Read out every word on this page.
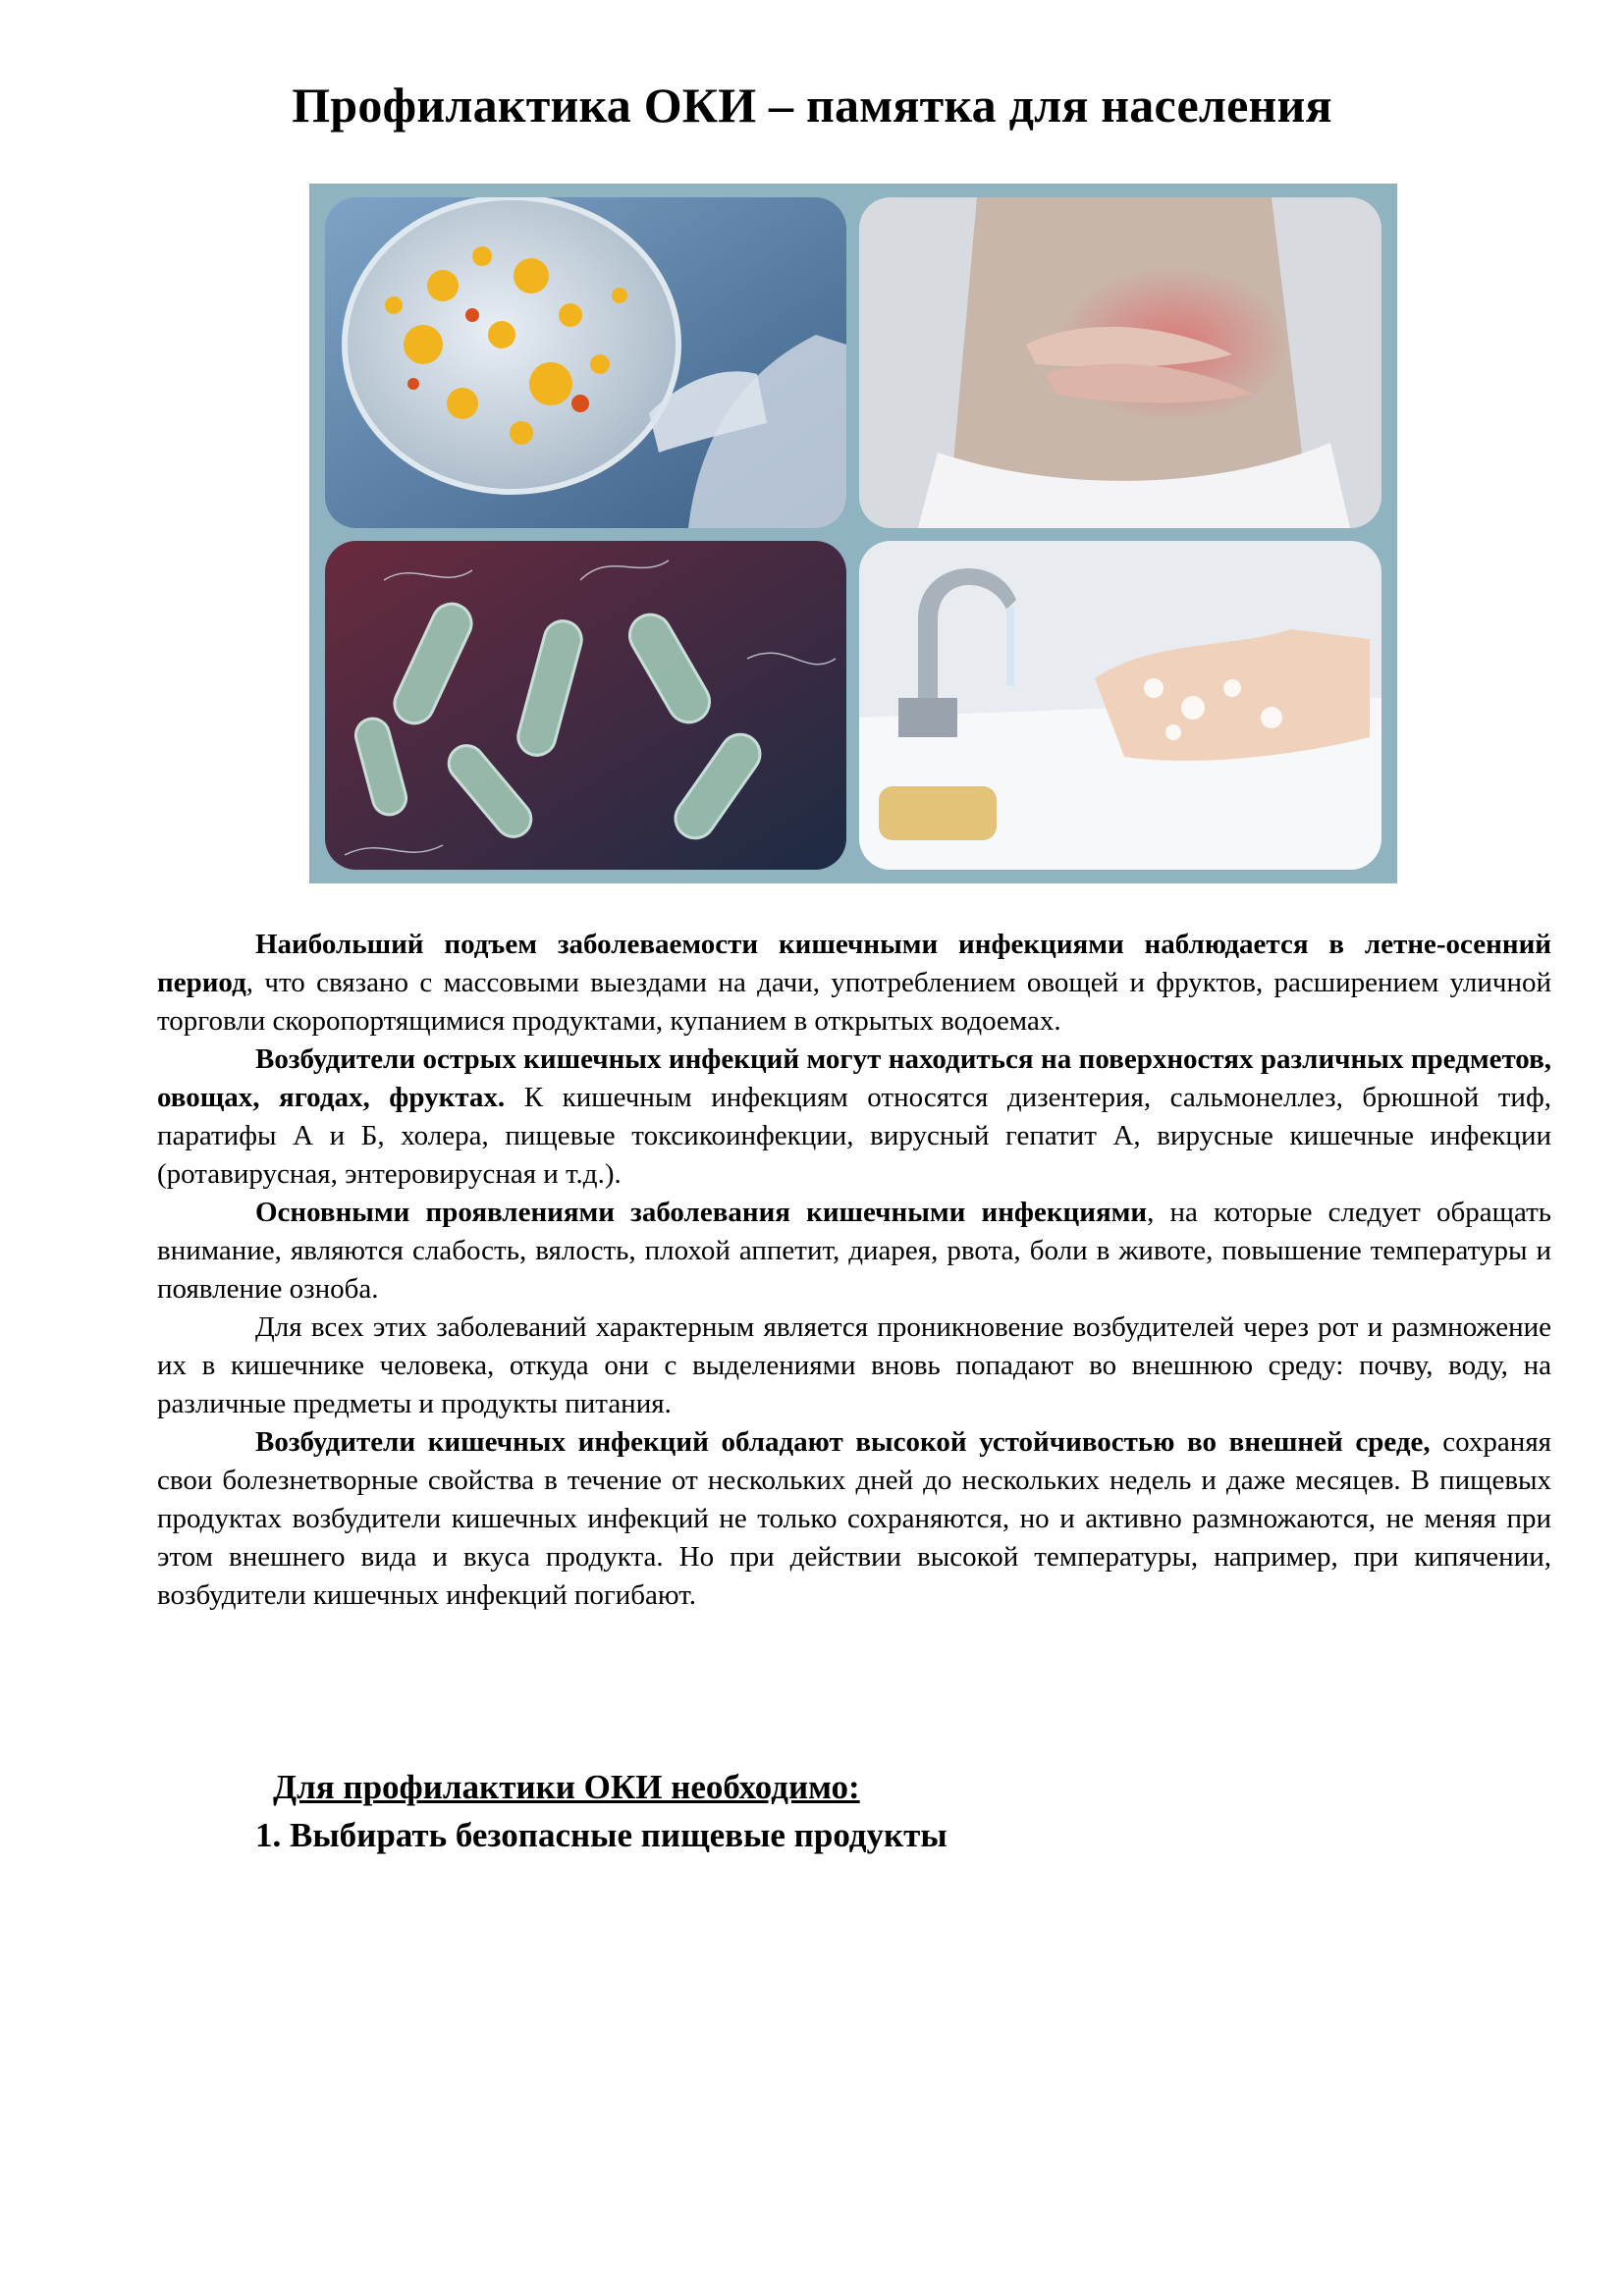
Профилактика ОКИ – памятка для населения

Наибольший подъем заболеваемости кишечными инфекциями наблюдается в летне-осенний период, что связано с массовыми выездами на дачи, употреблением овощей и фруктов, расширением уличной торговли скоропортящимися продуктами, купанием в открытых водоемах.

Возбудители острых кишечных инфекций могут находиться на поверхностях различных предметов, овощах, ягодах, фруктах. К кишечным инфекциям относятся дизентерия, сальмонеллез, брюшной тиф, паратифы А и Б, холера, пищевые токсикоинфекции, вирусный гепатит А, вирусные кишечные инфекции (ротавирусная, энтеровирусная и т.д.).

Основными проявлениями заболевания кишечными инфекциями, на которые следует обращать внимание, являются слабость, вялость, плохой аппетит, диарея, рвота, боли в животе, повышение температуры и появление озноба.

Для всех этих заболеваний характерным является проникновение возбудителей через рот и размножение их в кишечнике человека, откуда они с выделениями вновь попадают во внешнюю среду: почву, воду, на различные предметы и продукты питания.

Возбудители кишечных инфекций обладают высокой устойчивостью во внешней среде, сохраняя свои болезнетворные свойства в течение от нескольких дней до нескольких недель и даже месяцев. В пищевых продуктах возбудители кишечных инфекций не только сохраняются, но и активно размножаются, не меняя при этом внешнего вида и вкуса продукта. Но при действии высокой температуры, например, при кипячении, возбудители кишечных инфекций погибают.

Для профилактики ОКИ необходимо:

1. Выбирать безопасные пищевые продукты
